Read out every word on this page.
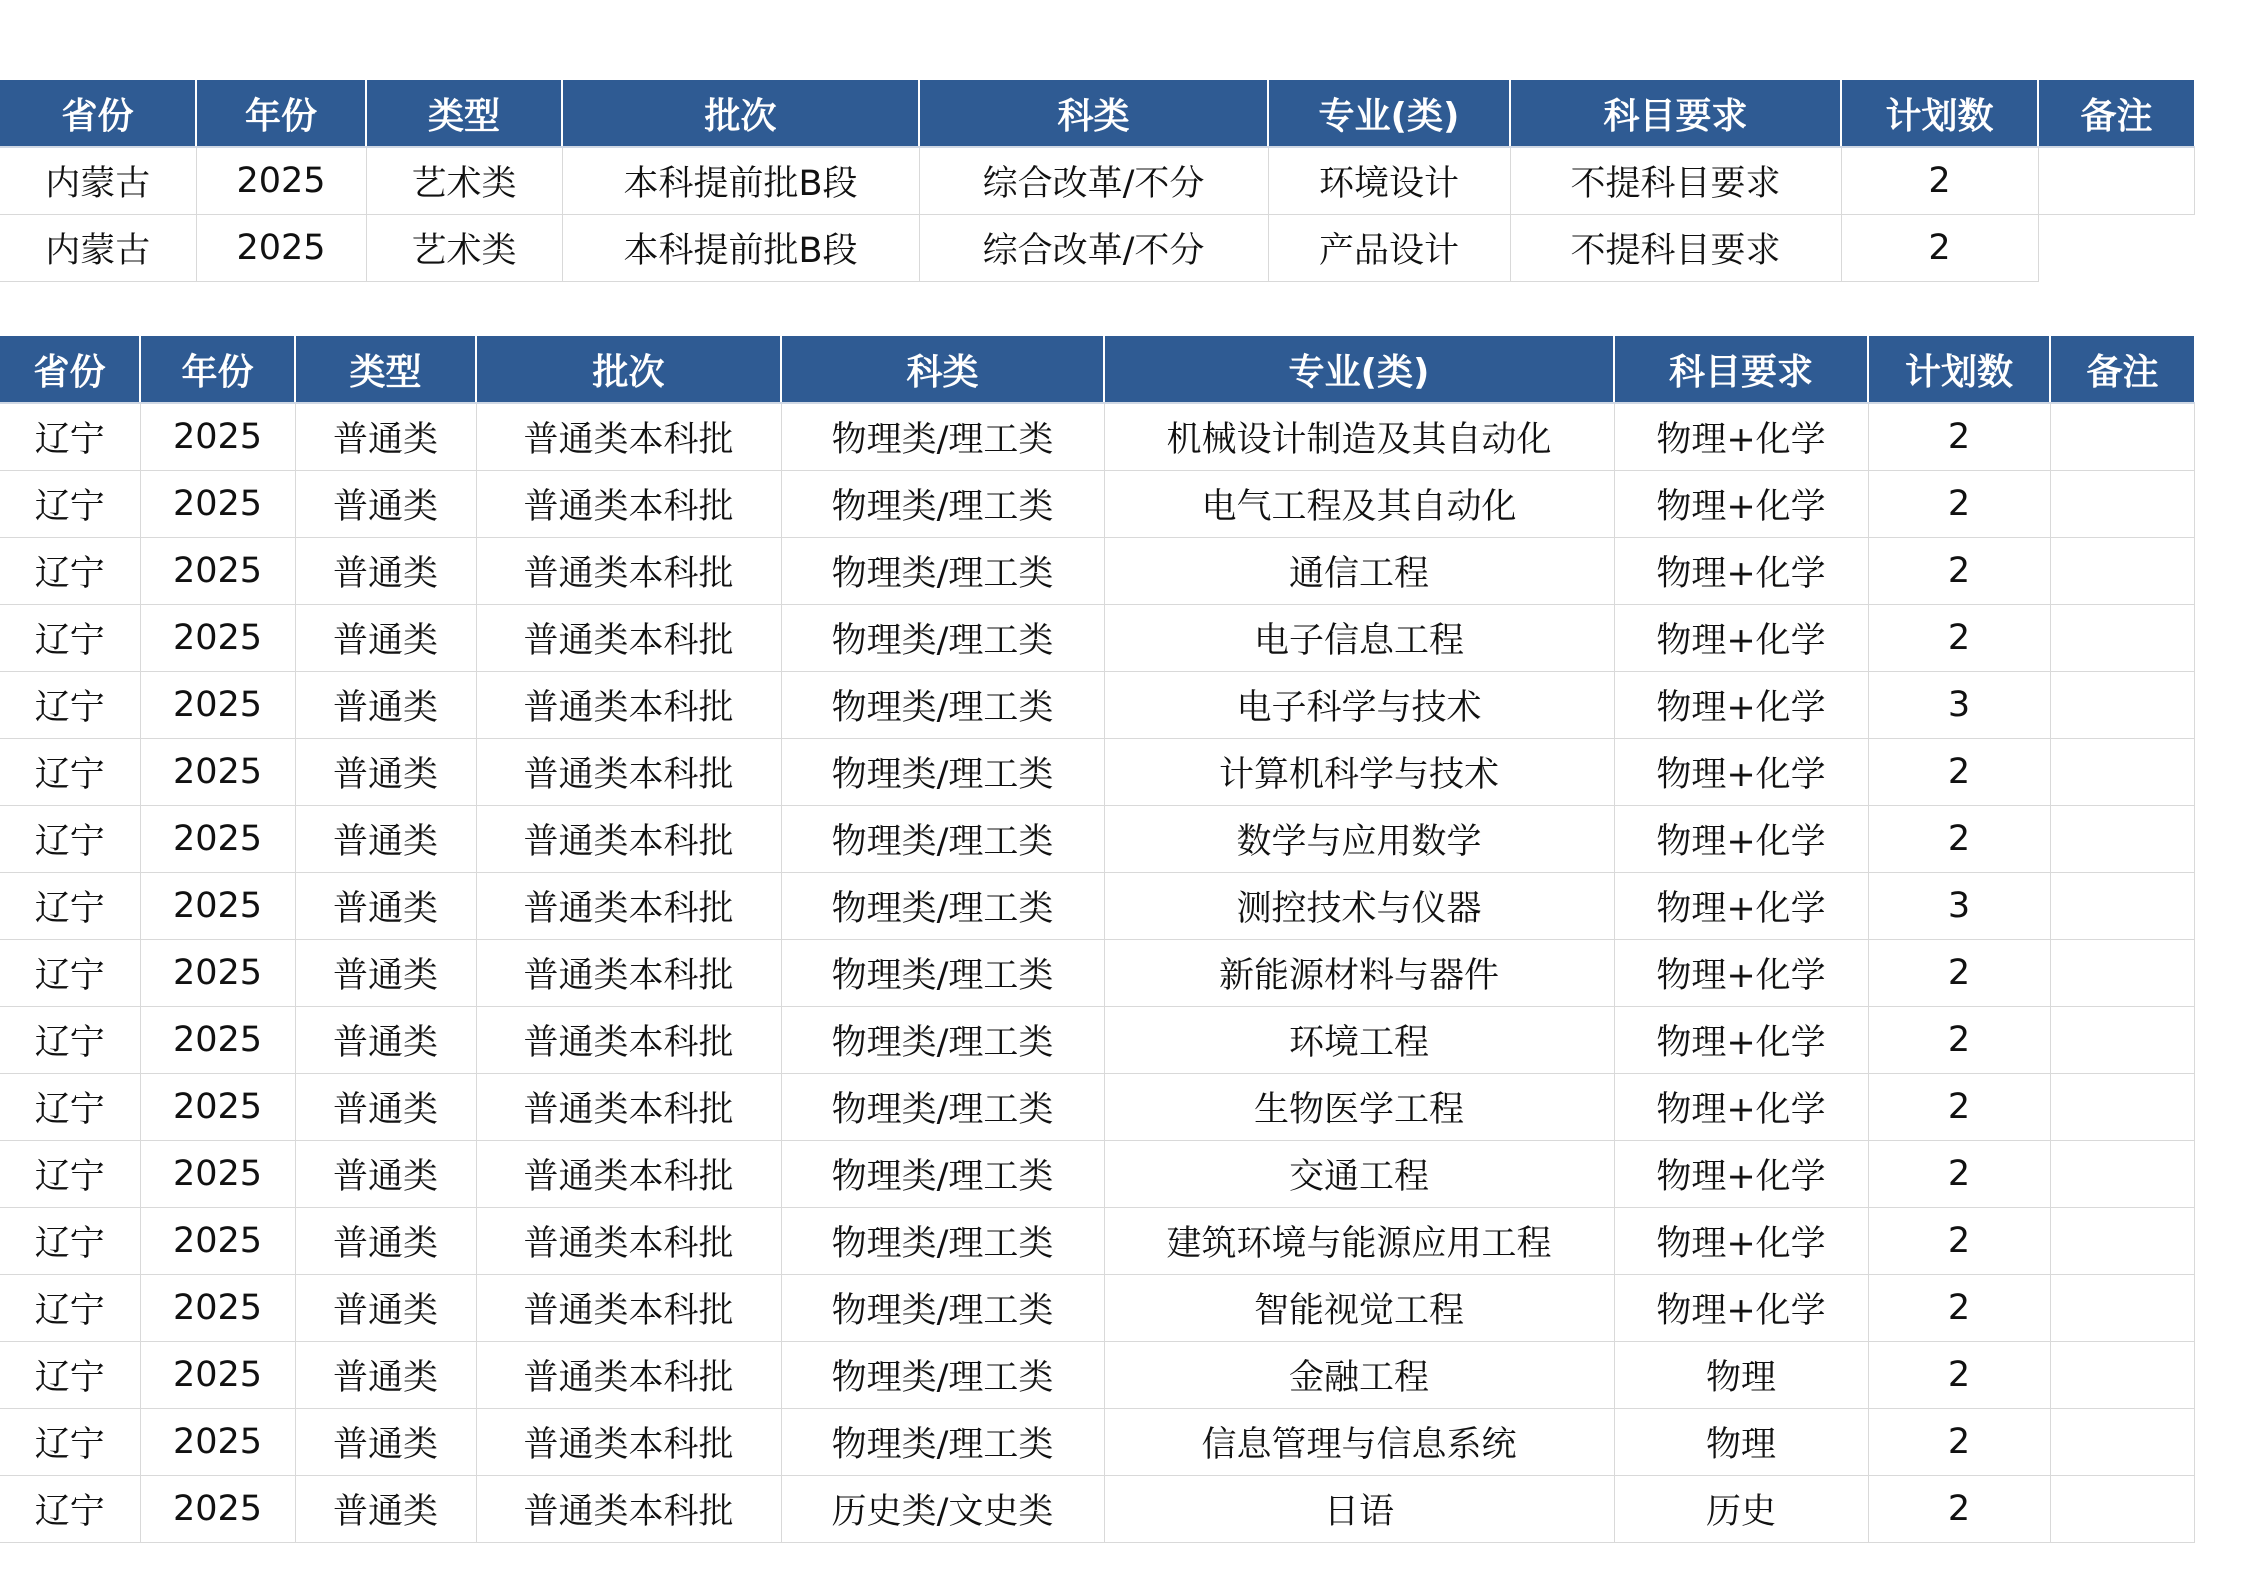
省份	年份	类型	批次	科类	专业(类)	科目要求	计划数	备注
内蒙古	2025	艺术类	本科提前批B段	综合改革/不分	环境设计	不提科目要求	2	
内蒙古	2025	艺术类	本科提前批B段	综合改革/不分	产品设计	不提科目要求	2	
省份	年份	类型	批次	科类	专业(类)	科目要求	计划数	备注
辽宁	2025	普通类	普通类本科批	物理类/理工类	机械设计制造及其自动化	物理+化学	2	
辽宁	2025	普通类	普通类本科批	物理类/理工类	电气工程及其自动化	物理+化学	2	
辽宁	2025	普通类	普通类本科批	物理类/理工类	通信工程	物理+化学	2	
辽宁	2025	普通类	普通类本科批	物理类/理工类	电子信息工程	物理+化学	2	
辽宁	2025	普通类	普通类本科批	物理类/理工类	电子科学与技术	物理+化学	3	
辽宁	2025	普通类	普通类本科批	物理类/理工类	计算机科学与技术	物理+化学	2	
辽宁	2025	普通类	普通类本科批	物理类/理工类	数学与应用数学	物理+化学	2	
辽宁	2025	普通类	普通类本科批	物理类/理工类	测控技术与仪器	物理+化学	3	
辽宁	2025	普通类	普通类本科批	物理类/理工类	新能源材料与器件	物理+化学	2	
辽宁	2025	普通类	普通类本科批	物理类/理工类	环境工程	物理+化学	2	
辽宁	2025	普通类	普通类本科批	物理类/理工类	生物医学工程	物理+化学	2	
辽宁	2025	普通类	普通类本科批	物理类/理工类	交通工程	物理+化学	2	
辽宁	2025	普通类	普通类本科批	物理类/理工类	建筑环境与能源应用工程	物理+化学	2	
辽宁	2025	普通类	普通类本科批	物理类/理工类	智能视觉工程	物理+化学	2	
辽宁	2025	普通类	普通类本科批	物理类/理工类	金融工程	物理	2	
辽宁	2025	普通类	普通类本科批	物理类/理工类	信息管理与信息系统	物理	2	
辽宁	2025	普通类	普通类本科批	历史类/文史类	日语	历史	2	
